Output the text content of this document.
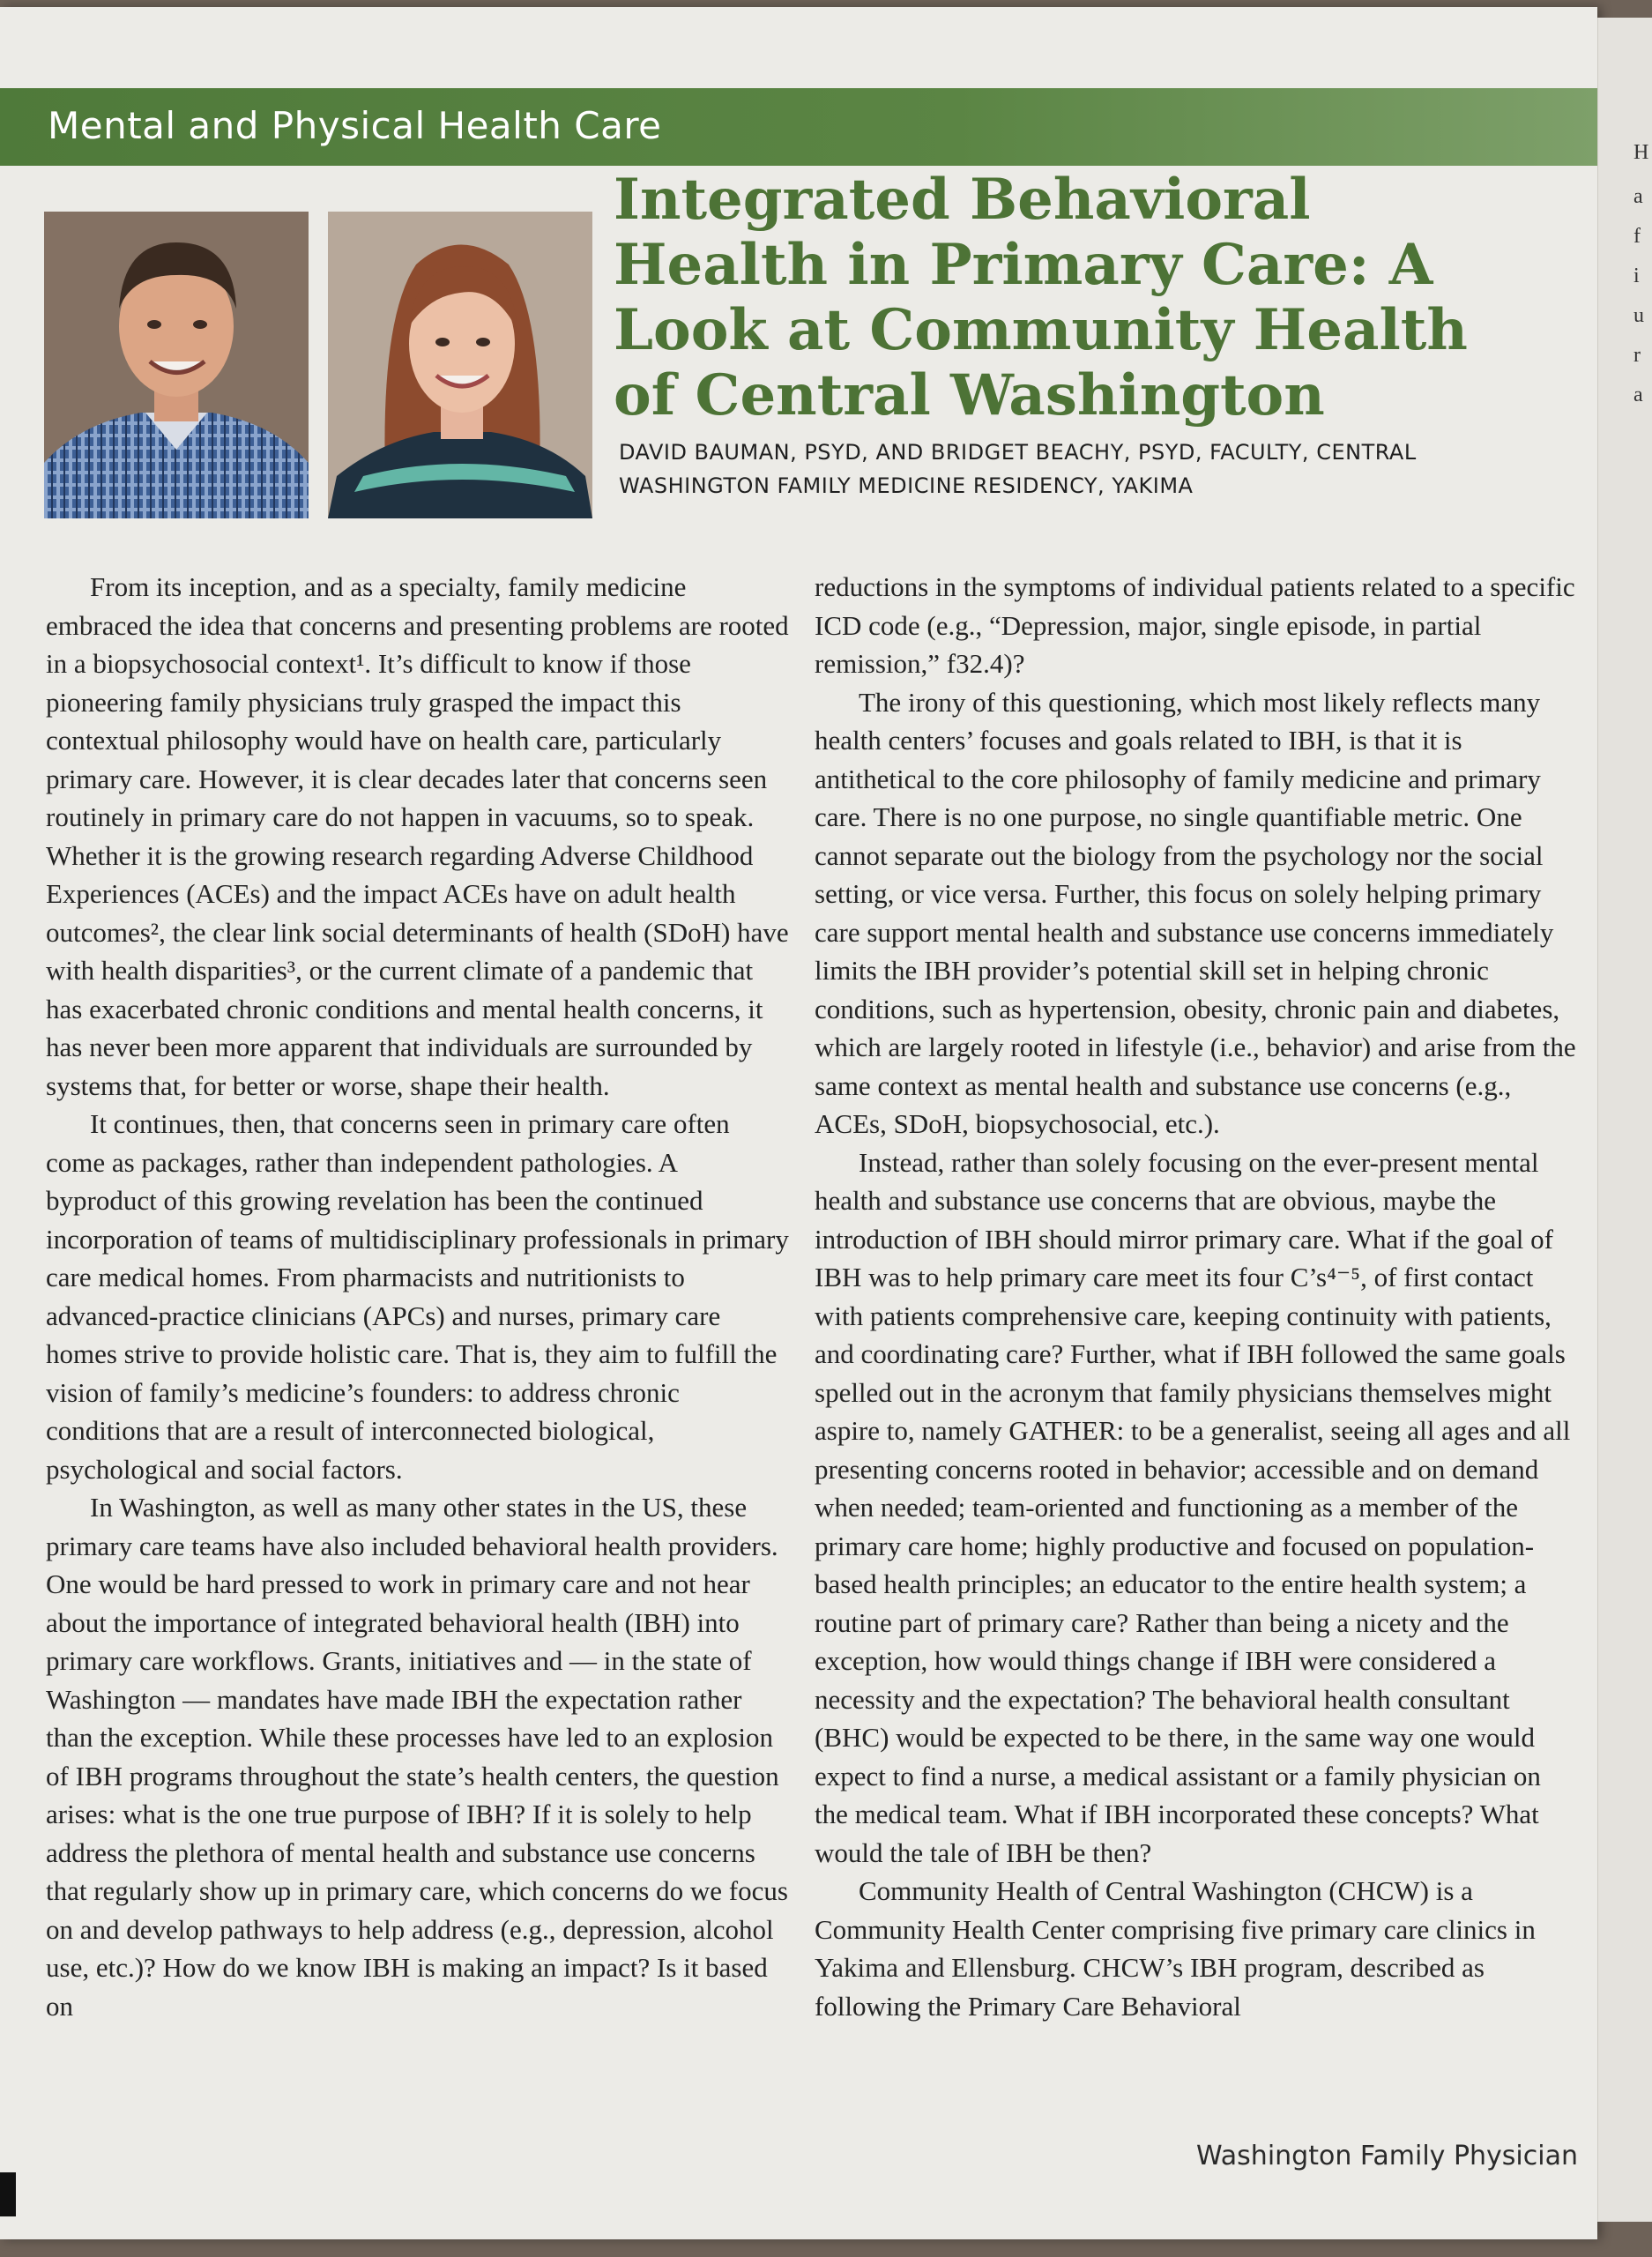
Mental and Physical Health Care
Integrated Behavioral Health in Primary Care: A Look at Community Health of Central Washington

DAVID BAUMAN, PSYD, AND BRIDGET BEACHY, PSYD, FACULTY, CENTRAL WASHINGTON FAMILY MEDICINE RESIDENCY, YAKIMA

From its inception, and as a specialty, family medicine embraced the idea that concerns and presenting problems are rooted in a biopsychosocial context¹. It’s difficult to know if those pioneering family physicians truly grasped the impact this contextual philosophy would have on health care, particularly primary care. However, it is clear decades later that concerns seen routinely in primary care do not happen in vacuums, so to speak. Whether it is the growing research regarding Adverse Childhood Experiences (ACEs) and the impact ACEs have on adult health outcomes², the clear link social determinants of health (SDoH) have with health disparities³, or the current climate of a pandemic that has exacerbated chronic conditions and mental health concerns, it has never been more apparent that individuals are surrounded by systems that, for better or worse, shape their health.

It continues, then, that concerns seen in primary care often come as packages, rather than independent pathologies. A byproduct of this growing revelation has been the continued incorporation of teams of multidisciplinary professionals in primary care medical homes. From pharmacists and nutritionists to advanced-practice clinicians (APCs) and nurses, primary care homes strive to provide holistic care. That is, they aim to fulfill the vision of family’s medicine’s founders: to address chronic conditions that are a result of interconnected biological, psychological and social factors.

In Washington, as well as many other states in the US, these primary care teams have also included behavioral health providers. One would be hard pressed to work in primary care and not hear about the importance of integrated behavioral health (IBH) into primary care workflows. Grants, initiatives and — in the state of Washington — mandates have made IBH the expectation rather than the exception. While these processes have led to an explosion of IBH programs throughout the state’s health centers, the question arises: what is the one true purpose of IBH? If it is solely to help address the plethora of mental health and substance use concerns that regularly show up in primary care, which concerns do we focus on and develop pathways to help address (e.g., depression, alcohol use, etc.)? How do we know IBH is making an impact? Is it based on

reductions in the symptoms of individual patients related to a specific ICD code (e.g., “Depression, major, single episode, in partial remission,” f32.4)?

The irony of this questioning, which most likely reflects many health centers’ focuses and goals related to IBH, is that it is antithetical to the core philosophy of family medicine and primary care. There is no one purpose, no single quantifiable metric. One cannot separate out the biology from the psychology nor the social setting, or vice versa. Further, this focus on solely helping primary care support mental health and substance use concerns immediately limits the IBH provider’s potential skill set in helping chronic conditions, such as hypertension, obesity, chronic pain and diabetes, which are largely rooted in lifestyle (i.e., behavior) and arise from the same context as mental health and substance use concerns (e.g., ACEs, SDoH, biopsychosocial, etc.).

Instead, rather than solely focusing on the ever-present mental health and substance use concerns that are obvious, maybe the introduction of IBH should mirror primary care. What if the goal of IBH was to help primary care meet its four C’s⁴⁻⁵, of first contact with patients comprehensive care, keeping continuity with patients, and coordinating care? Further, what if IBH followed the same goals spelled out in the acronym that family physicians themselves might aspire to, namely GATHER: to be a generalist, seeing all ages and all presenting concerns rooted in behavior; accessible and on demand when needed; team-oriented and functioning as a member of the primary care home; highly productive and focused on population-based health principles; an educator to the entire health system; a routine part of primary care? Rather than being a nicety and the exception, how would things change if IBH were considered a necessity and the expectation? The behavioral health consultant (BHC) would be expected to be there, in the same way one would expect to find a nurse, a medical assistant or a family physician on the medical team. What if IBH incorporated these concepts? What would the tale of IBH be then?

Community Health of Central Washington (CHCW) is a Community Health Center comprising five primary care clinics in Yakima and Ellensburg. CHCW’s IBH program, described as following the Primary Care Behavioral

Washington Family Physician
H
a
f
i
u
r
a
